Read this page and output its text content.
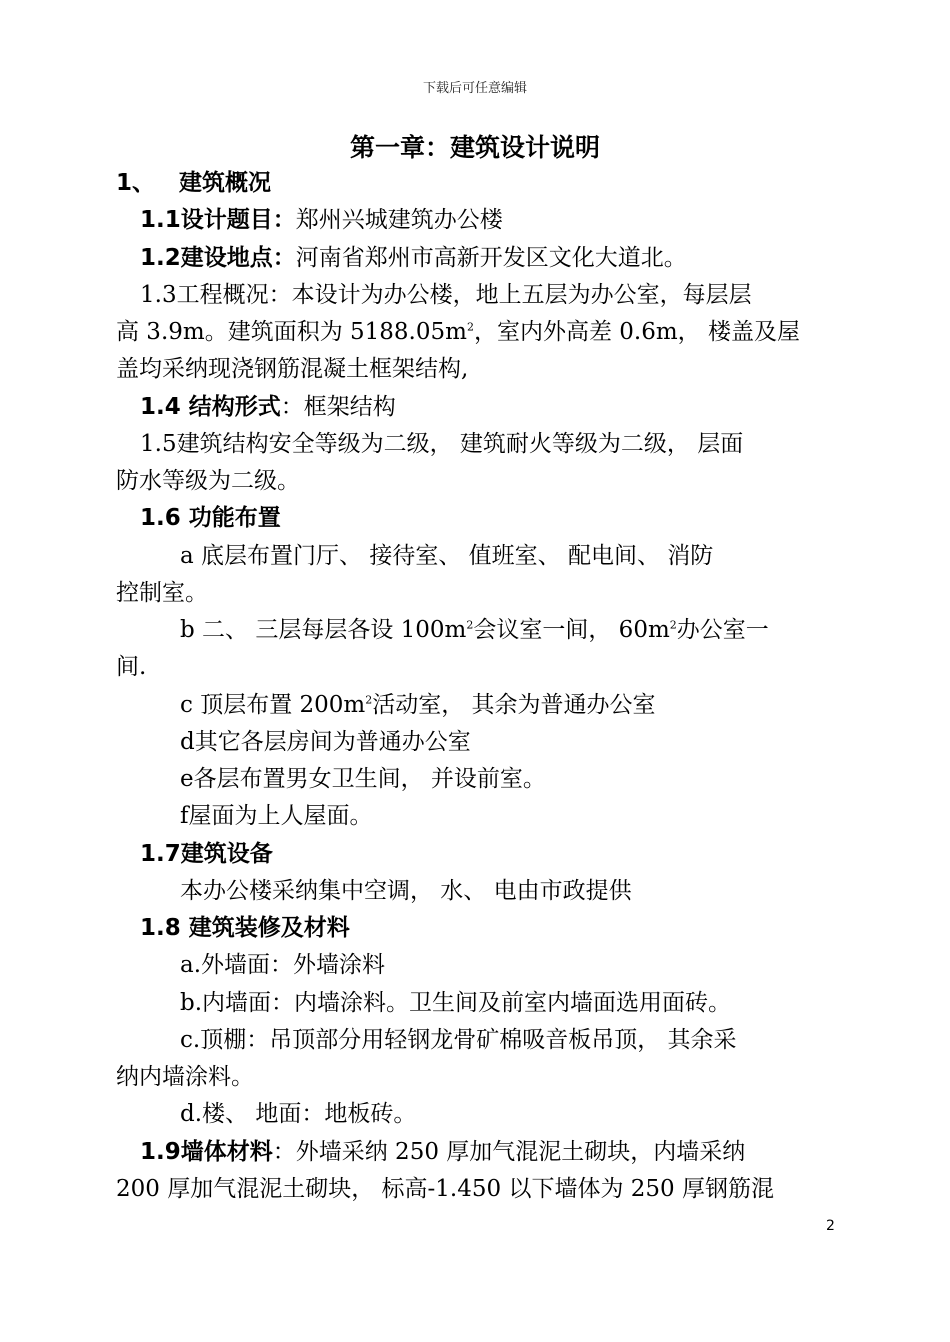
下载后可任意编辑
第一章：建筑设计说明
1、 建筑概况
1.1设计题目：郑州兴城建筑办公楼
1.2建设地点：河南省郑州市高新开发区文化大道北。
1.3工程概况：本设计为办公楼，地上五层为办公室，每层层
高 3.9m。建筑面积为 $5188.05m^2$，室内外高差 0.6m， 楼盖及屋
盖均采纳现浇钢筋混凝土框架结构,
1.4 结构形式：框架结构
1.5建筑结构安全等级为二级， 建筑耐火等级为二级， 层面
防水等级为二级。
1.6 功能布置
a 底层布置门厅、 接待室、 值班室、 配电间、 消防
控制室。
b 二、 三层每层各设 $100m^2$会议室一间， $60m^2$办公室一
间.
c 顶层布置 $200m^2$活动室， 其余为普通办公室
d其它各层房间为普通办公室
e各层布置男女卫生间， 并设前室。
f屋面为上人屋面。
1.7建筑设备
本办公楼采纳集中空调， 水、 电由市政提供
1.8 建筑装修及材料
a.外墙面：外墙涂料
b.内墙面：内墙涂料。卫生间及前室内墙面选用面砖。
c.顶棚：吊顶部分用轻钢龙骨矿棉吸音板吊顶， 其余采
纳内墙涂料。
d.楼、 地面：地板砖。
1.9墙体材料：外墙采纳 250 厚加气混泥土砌块，内墙采纳
200 厚加气混泥土砌块， 标高-1.450 以下墙体为 250 厚钢筋混
2
